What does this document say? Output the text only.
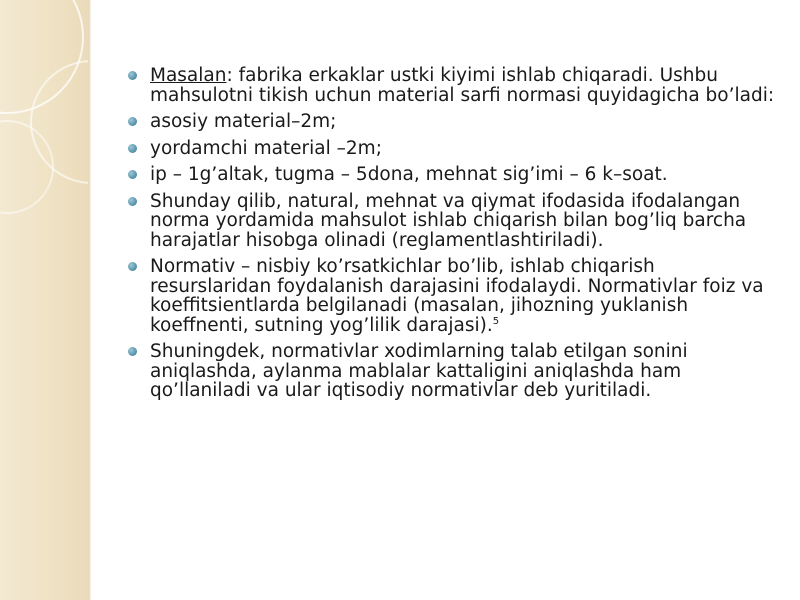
Masalan: fabrika erkaklar ustki kiyimi ishlab chiqaradi. Ushbu mahsulotni tikish uchun material sarfi normasi quyidagicha bo’ladi:
asosiy material–2m;
yordamchi material –2m;
ip – 1g’altak, tugma – 5dona, mehnat sig’imi – 6 k–soat.
Shunday qilib, natural, mehnat va qiymat ifodasida ifodalangan norma yordamida mahsulot ishlab chiqarish bilan bog’liq barcha harajatlar hisobga olinadi (reglamentlashtiriladi).
Normativ – nisbiy ko’rsatkichlar bo’lib, ishlab chiqarish resurslaridan foydalanish darajasini ifodalaydi. Normativlar foiz va koeffitsientlarda belgilanadi (masalan, jihozning yuklanish koeffnenti, sutning yog’lilik darajasi).$^5$
Shuningdek, normativlar xodimlarning talab etilgan sonini aniqlashda, aylanma mablalar kattaligini aniqlashda ham qo’llaniladi va ular iqtisodiy normativlar deb yuritiladi.
